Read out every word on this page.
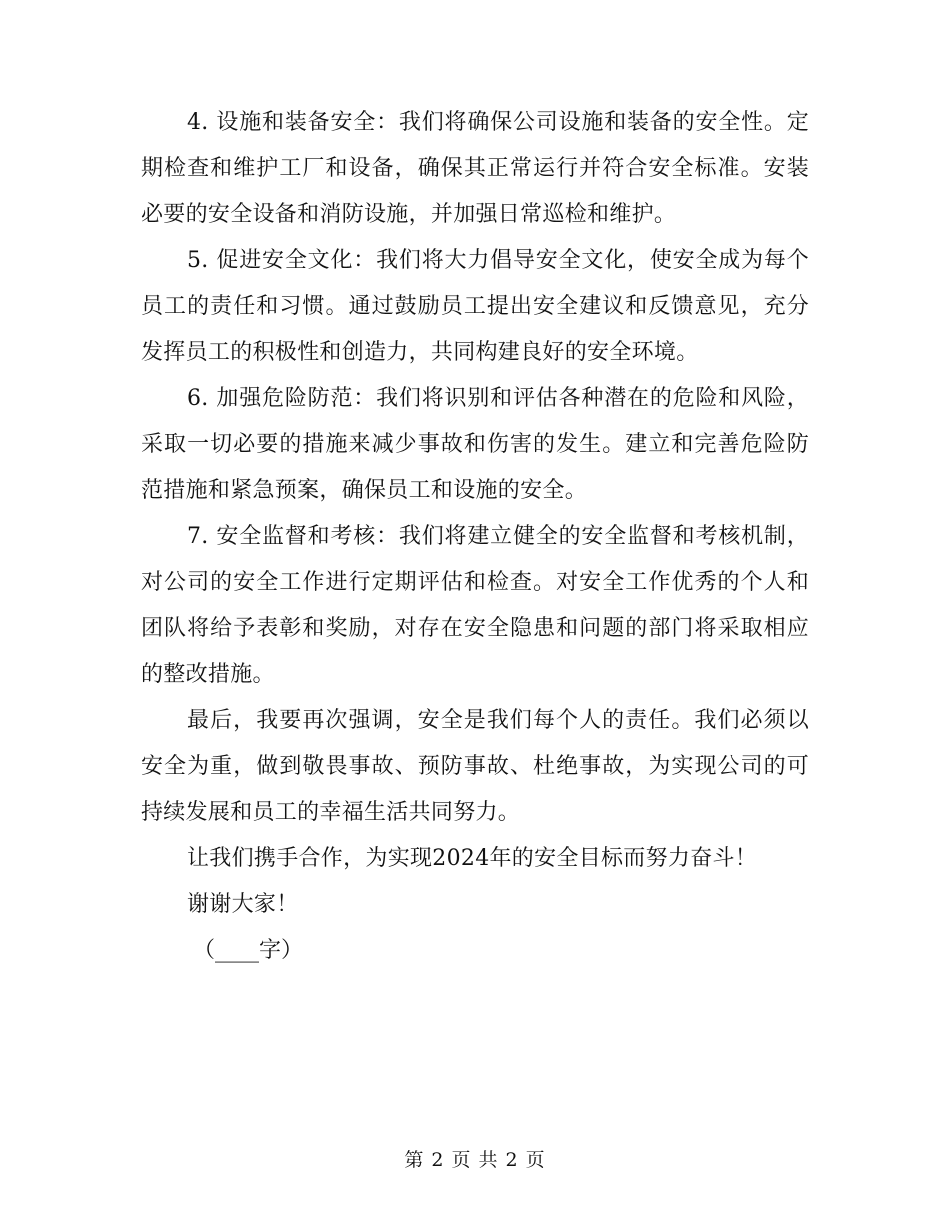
4. 设施和装备安全：我们将确保公司设施和装备的安全性。定期检查和维护工厂和设备，确保其正常运行并符合安全标准。安装必要的安全设备和消防设施，并加强日常巡检和维护。

5. 促进安全文化：我们将大力倡导安全文化，使安全成为每个员工的责任和习惯。通过鼓励员工提出安全建议和反馈意见，充分发挥员工的积极性和创造力，共同构建良好的安全环境。

6. 加强危险防范：我们将识别和评估各种潜在的危险和风险，采取一切必要的措施来减少事故和伤害的发生。建立和完善危险防范措施和紧急预案，确保员工和设施的安全。

7. 安全监督和考核：我们将建立健全的安全监督和考核机制，对公司的安全工作进行定期评估和检查。对安全工作优秀的个人和团队将给予表彰和奖励，对存在安全隐患和问题的部门将采取相应的整改措施。

最后，我要再次强调，安全是我们每个人的责任。我们必须以安全为重，做到敬畏事故、预防事故、杜绝事故，为实现公司的可持续发展和员工的幸福生活共同努力。

让我们携手合作，为实现2024年的安全目标而努力奋斗！

谢谢大家！

（____字）

第 2 页 共 2 页
